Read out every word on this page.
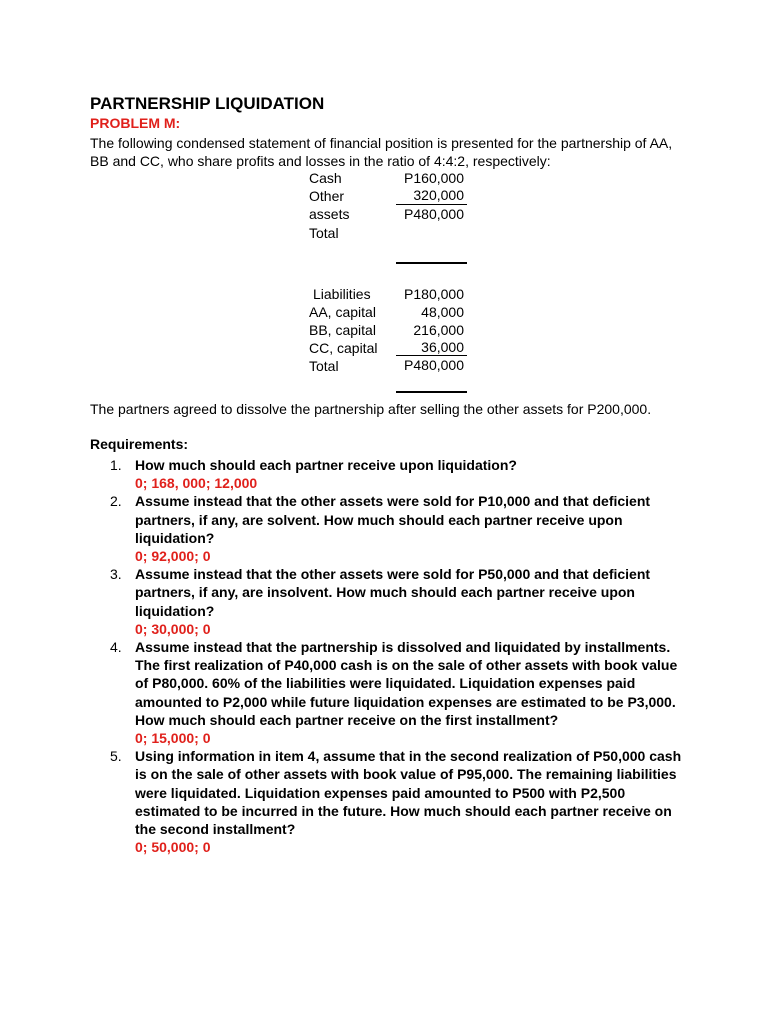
PARTNERSHIP LIQUIDATION
PROBLEM M:
The following condensed statement of financial position is presented for the partnership of AA, BB and CC, who share profits and losses in the ratio of 4:4:2, respectively:
Cash
Other
assets
Total
P160,000
320,000
P480,000
Liabilities
AA, capital
BB, capital
CC, capital
Total
P180,000
48,000
216,000
36,000
P480,000
The partners agreed to dissolve the partnership after selling the other assets for P200,000.
Requirements:
1. How much should each partner receive upon liquidation?
0; 168, 000; 12,000
2. Assume instead that the other assets were sold for P10,000 and that deficient partners, if any, are solvent. How much should each partner receive upon liquidation?
0; 92,000; 0
3. Assume instead that the other assets were sold for P50,000 and that deficient partners, if any, are insolvent. How much should each partner receive upon liquidation?
0; 30,000; 0
4. Assume instead that the partnership is dissolved and liquidated by installments. The first realization of P40,000 cash is on the sale of other assets with book value of P80,000. 60% of the liabilities were liquidated. Liquidation expenses paid amounted to P2,000 while future liquidation expenses are estimated to be P3,000. How much should each partner receive on the first installment?
0; 15,000; 0
5. Using information in item 4, assume that in the second realization of P50,000 cash is on the sale of other assets with book value of P95,000. The remaining liabilities were liquidated. Liquidation expenses paid amounted to P500 with P2,500 estimated to be incurred in the future. How much should each partner receive on the second installment?
0; 50,000; 0
